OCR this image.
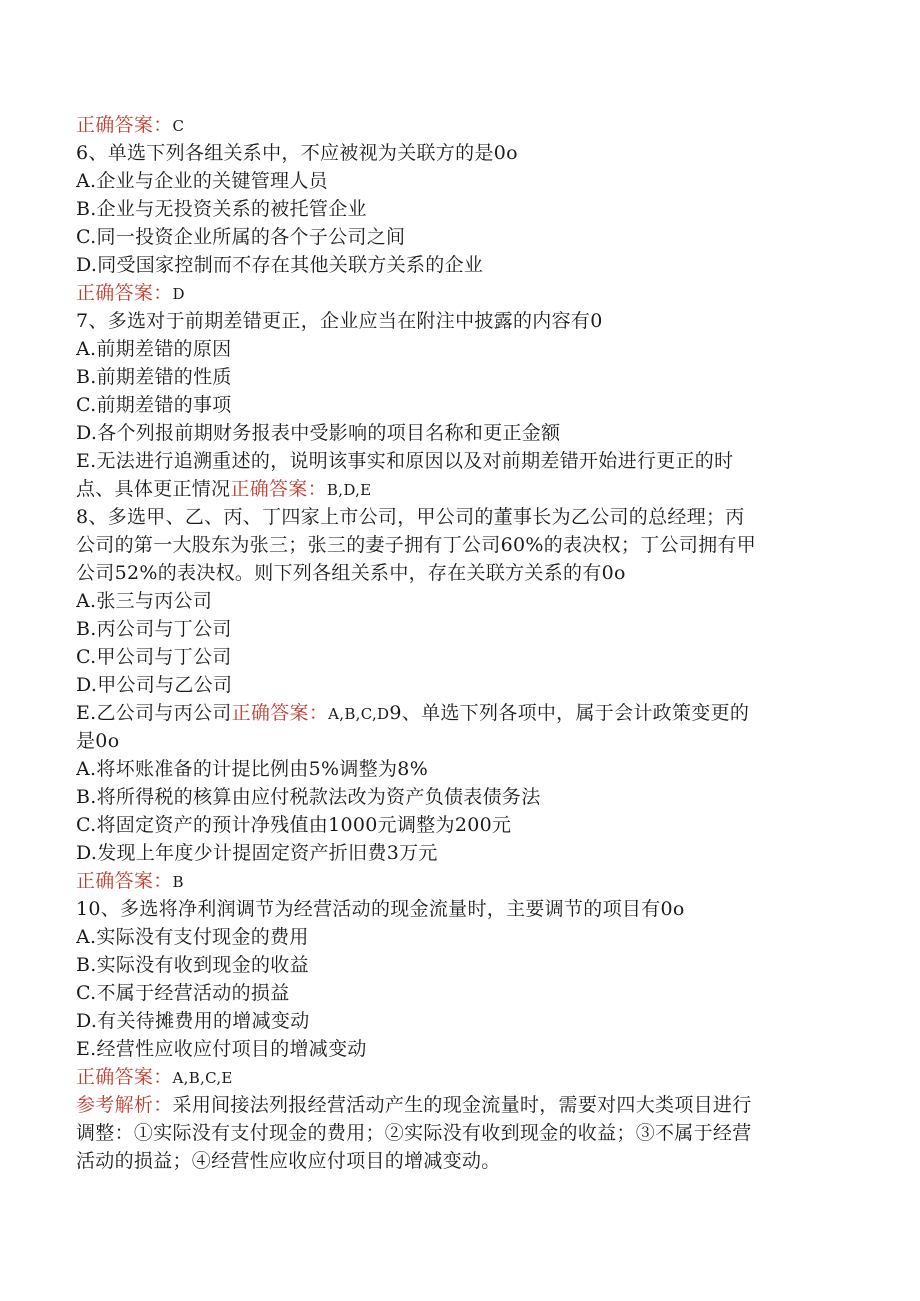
正确答案：C
6、单选下列各组关系中，不应被视为关联方的是0o
A.企业与企业的关键管理人员
B.企业与无投资关系的被托管企业
C.同一投资企业所属的各个子公司之间
D.同受国家控制而不存在其他关联方关系的企业
正确答案：D
7、多选对于前期差错更正，企业应当在附注中披露的内容有0
A.前期差错的原因
B.前期差错的性质
C.前期差错的事项
D.各个列报前期财务报表中受影响的项目名称和更正金额
E.无法进行追溯重述的，说明该事实和原因以及对前期差错开始进行更正的时
点、具体更正情况正确答案：B,D,E
8、多选甲、乙、丙、丁四家上市公司，甲公司的董事长为乙公司的总经理；丙
公司的第一大股东为张三；张三的妻子拥有丁公司60%的表决权；丁公司拥有甲
公司52%的表决权。则下列各组关系中，存在关联方关系的有0o
A.张三与丙公司
B.丙公司与丁公司
C.甲公司与丁公司
D.甲公司与乙公司
E.乙公司与丙公司正确答案：A,B,C,D9、单选下列各项中，属于会计政策变更的
是0o
A.将坏账准备的计提比例由5%调整为8%
B.将所得税的核算由应付税款法改为资产负债表债务法
C.将固定资产的预计净残值由1000元调整为200元
D.发现上年度少计提固定资产折旧费3万元
正确答案：B
10、多选将净利润调节为经营活动的现金流量时，主要调节的项目有0o
A.实际没有支付现金的费用
B.实际没有收到现金的收益
C.不属于经营活动的损益
D.有关待摊费用的增减变动
E.经营性应收应付项目的增减变动
正确答案：A,B,C,E
参考解析：采用间接法列报经营活动产生的现金流量时，需要对四大类项目进行
调整：①实际没有支付现金的费用；②实际没有收到现金的收益；③不属于经营
活动的损益；④经营性应收应付项目的增减变动。
